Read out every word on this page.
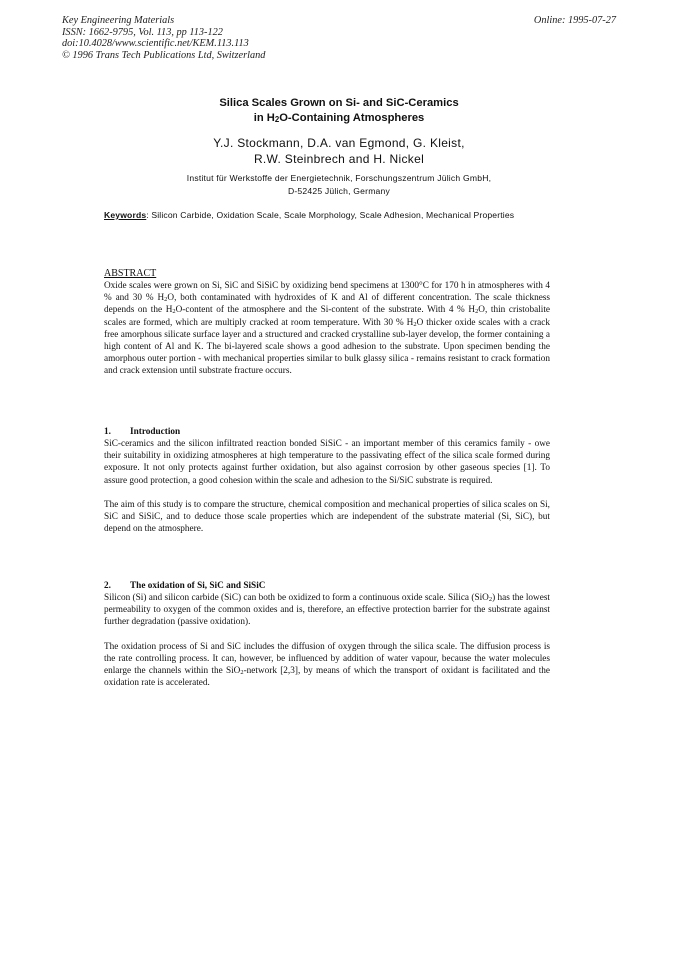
Key Engineering Materials
ISSN: 1662-9795, Vol. 113, pp 113-122
doi:10.4028/www.scientific.net/KEM.113.113
© 1996 Trans Tech Publications Ltd, Switzerland
Online: 1995-07-27
Silica Scales Grown on Si- and SiC-Ceramics
in $H_2O$-Containing Atmospheres
Y.J. Stockmann, D.A. van Egmond, G. Kleist,
R.W. Steinbrech and H. Nickel
Institut für Werkstoffe der Energietechnik, Forschungszentrum Jülich GmbH,
D-52425 Jülich, Germany
Keywords: Silicon Carbide, Oxidation Scale, Scale Morphology, Scale Adhesion, Mechanical Properties

ABSTRACT

Oxide scales were grown on Si, SiC and SiSiC by oxidizing bend specimens at 1300°C for 170 h in atmospheres with 4 % and 30 % $H_2O$, both contaminated with hydroxides of K and Al of different concentration. The scale thickness depends on the $H_2O$-content of the atmosphere and the Si-content of the substrate. With 4 % $H_2O$, thin cristobalite scales are formed, which are multiply cracked at room temperature. With 30 % $H_2O$ thicker oxide scales with a crack free amorphous silicate surface layer and a structured and cracked crystalline sub-layer develop, the former containing a high content of Al and K. The bi-layered scale shows a good adhesion to the substrate. Upon specimen bending the amorphous outer portion - with mechanical properties similar to bulk glassy silica - remains resistant to crack formation and crack extension until substrate fracture occurs.

1. Introduction

SiC-ceramics and the silicon infiltrated reaction bonded SiSiC - an important member of this ceramics family - owe their suitability in oxidizing atmospheres at high temperature to the passivating effect of the silica scale formed during exposure. It not only protects against further oxidation, but also against corrosion by other gaseous species [1]. To assure good protection, a good cohesion within the scale and adhesion to the Si/SiC substrate is required.

The aim of this study is to compare the structure, chemical composition and mechanical properties of silica scales on Si, SiC and SiSiC, and to deduce those scale properties which are independent of the substrate material (Si, SiC), but depend on the atmosphere.

2. The oxidation of Si, SiC and SiSiC

Silicon (Si) and silicon carbide (SiC) can both be oxidized to form a continuous oxide scale. Silica (SiO$_2$) has the lowest permeability to oxygen of the common oxides and is, therefore, an effective protection barrier for the substrate against further degradation (passive oxidation).

The oxidation process of Si and SiC includes the diffusion of oxygen through the silica scale. The diffusion process is the rate controlling process. It can, however, be influenced by addition of water vapour, because the water molecules enlarge the channels within the SiO$_2$-network [2,3], by means of which the transport of oxidant is facilitated and the oxidation rate is accelerated.
